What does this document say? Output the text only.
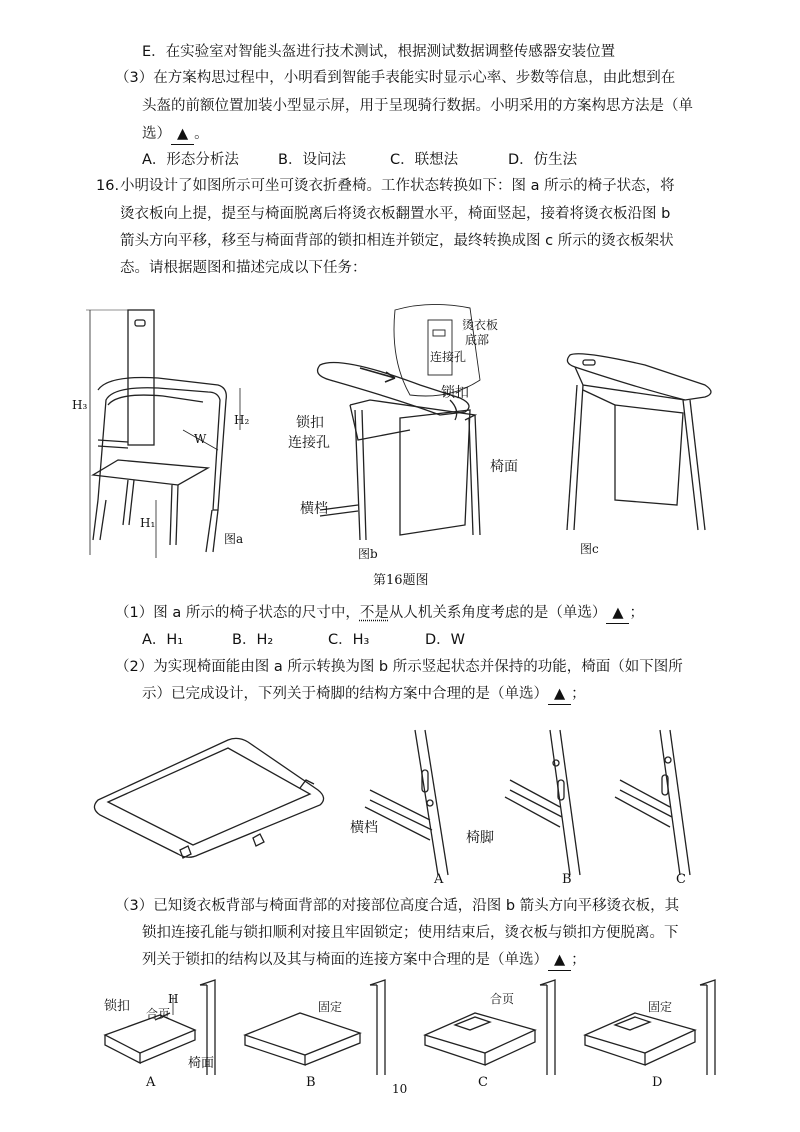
E．在实验室对智能头盔进行技术测试，根据测试数据调整传感器安装位置
（3）在方案构思过程中，小明看到智能手表能实时显示心率、步数等信息，由此想到在
头盔的前额位置加装小型显示屏，用于呈现骑行数据。小明采用的方案构思方法是（单
选） ▲ 。
A．形态分析法	B．设问法	C．联想法	D．仿生法
16. 小明设计了如图所示可坐可烫衣折叠椅。工作状态转换如下：图 a 所示的椅子状态，将
烫衣板向上提，提至与椅面脱离后将烫衣板翻置水平，椅面竖起，接着将烫衣板沿图 b
箭头方向平移，移至与椅面背部的锁扣相连并锁定，最终转换成图 c 所示的烫衣板架状
态。请根据题图和描述完成以下任务：
H₃
H₂
H₁
W
图a
烫衣板
底部
连接孔
锁扣
锁扣
连接孔
椅面
横档
图b	图c
第16题图
（1）图 a 所示的椅子状态的尺寸中，不是从人机关系角度考虑的是（单选） ▲ ；
A．H₁	B．H₂	C．H₃	D．W
（2）为实现椅面能由图 a 所示转换为图 b 所示竖起状态并保持的功能，椅面（如下图所
示）已完成设计，下列关于椅脚的结构方案中合理的是（单选） ▲ ；
横档
椅脚
A	B	C
（3）已知烫衣板背部与椅面背部的对接部位高度合适，沿图 b 箭头方向平移烫衣板，其
锁扣连接孔能与锁扣顺利对接且牢固锁定；使用结束后，烫衣板与锁扣方便脱离。下
列关于锁扣的结构以及其与椅面的连接方案中合理的是（单选） ▲ ；
锁扣 合页
H
椅面
固定
合页
固定
A	B	C	D
10
